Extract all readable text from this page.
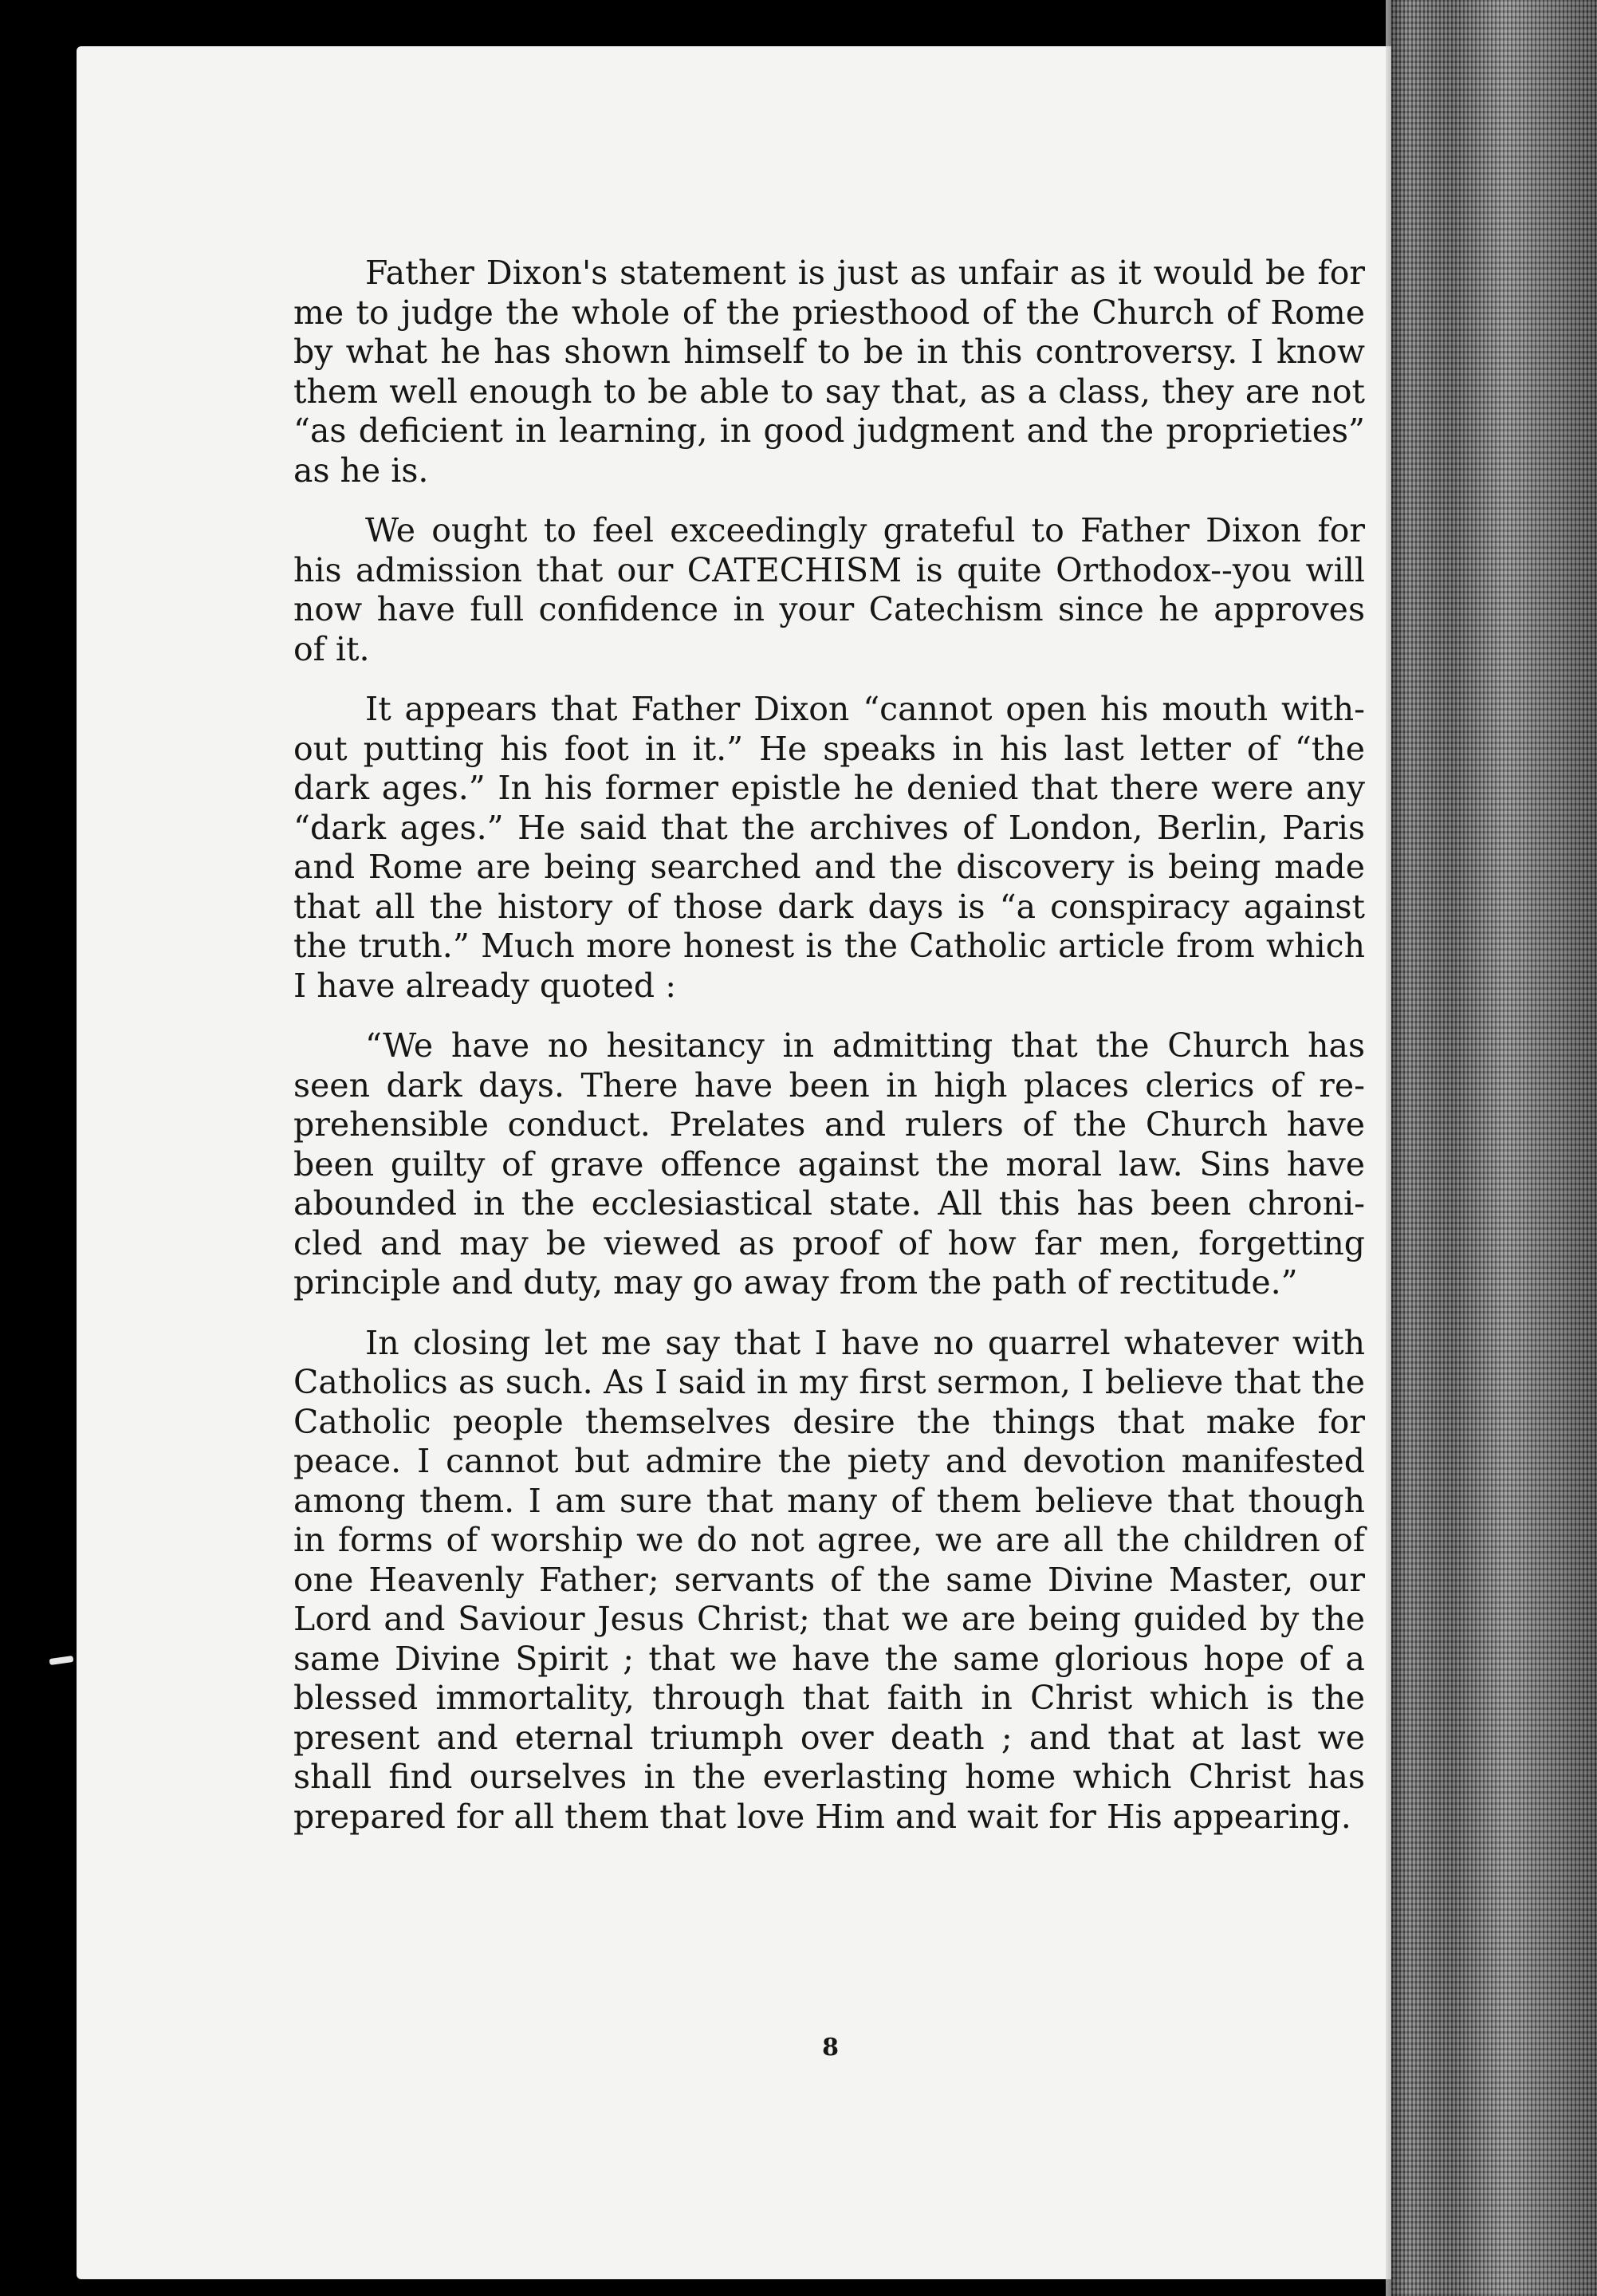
Father Dixon's statement is just as unfair as it would be for me to judge the whole of the priesthood of the Church of Rome by what he has shown himself to be in this controversy. I know them well enough to be able to say that, as a class, they are not “as deficient in learning, in good judgment and the proprieties” as he is.

We ought to feel exceedingly grateful to Father Dixon for his admission that our CATECHISM is quite Orthodox--you will now have full confidence in your Catechism since he approves of it.

It appears that Father Dixon “cannot open his mouth without putting his foot in it.” He speaks in his last letter of “the dark ages.” In his former epistle he denied that there were any “dark ages.” He said that the archives of London, Berlin, Paris and Rome are being searched and the discovery is being made that all the history of those dark days is “a conspiracy against the truth.” Much more honest is the Catholic article from which I have already quoted :

“We have no hesitancy in admitting that the Church has seen dark days. There have been in high places clerics of reprehensible conduct. Prelates and rulers of the Church have been guilty of grave offence against the moral law. Sins have abounded in the ecclesiastical state. All this has been chronicled and may be viewed as proof of how far men, forgetting principle and duty, may go away from the path of rectitude.”

In closing let me say that I have no quarrel whatever with Catholics as such. As I said in my first sermon, I believe that the Catholic people themselves desire the things that make for peace. I cannot but admire the piety and devotion manifested among them. I am sure that many of them believe that though in forms of worship we do not agree, we are all the children of one Heavenly Father; servants of the same Divine Master, our Lord and Saviour Jesus Christ; that we are being guided by the same Divine Spirit ; that we have the same glorious hope of a blessed immortality, through that faith in Christ which is the present and eternal triumph over death ; and that at last we shall find ourselves in the everlasting home which Christ has prepared for all them that love Him and wait for His appearing.

8
